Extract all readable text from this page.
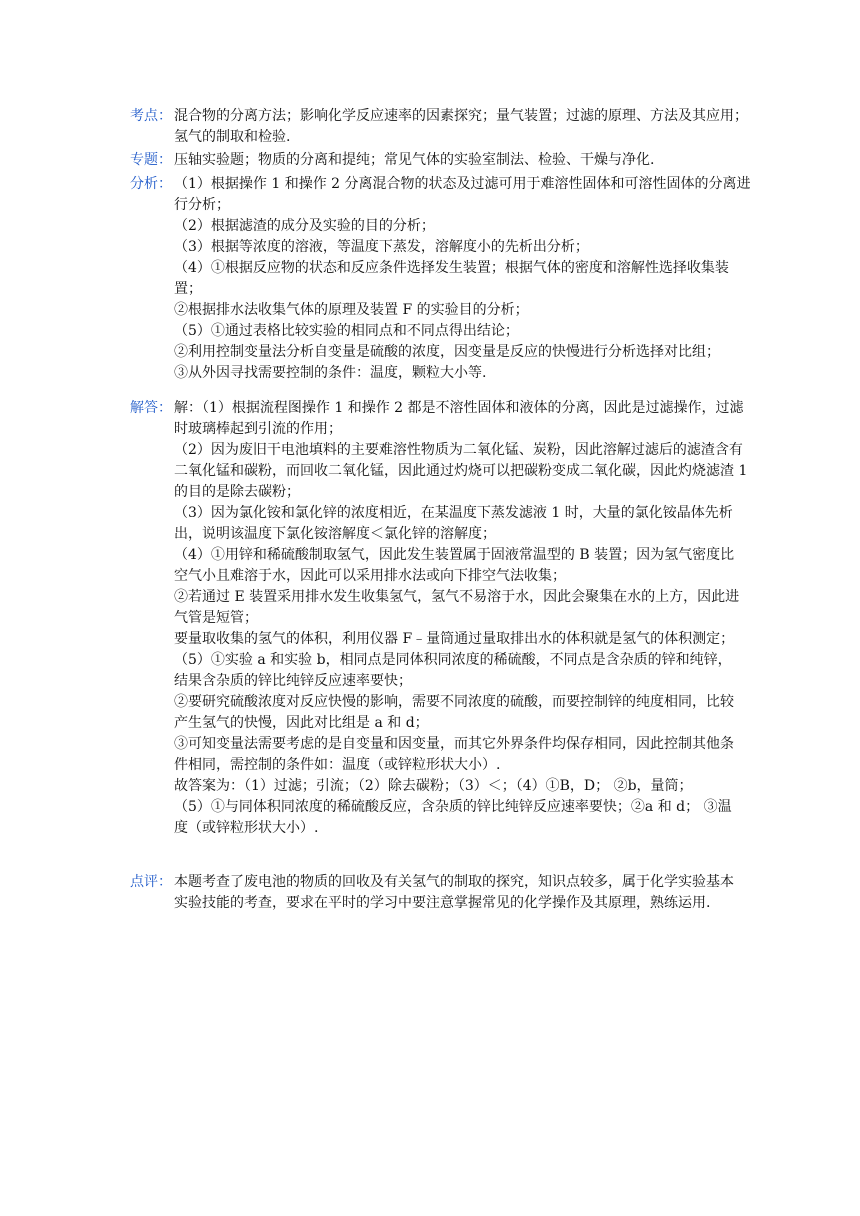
考点： 混合物的分离方法；影响化学反应速率的因素探究；量气装置；过滤的原理、方法及其应用；
氢气的制取和检验.
专题： 压轴实验题；物质的分离和提纯；常见气体的实验室制法、检验、干燥与净化.
分析： （1）根据操作 1 和操作 2 分离混合物的状态及过滤可用于难溶性固体和可溶性固体的分离进
行分析；
（2）根据滤渣的成分及实验的目的分析；
（3）根据等浓度的溶液，等温度下蒸发，溶解度小的先析出分析；
（4）①根据反应物的状态和反应条件选择发生装置；根据气体的密度和溶解性选择收集装
置；
②根据排水法收集气体的原理及装置 F 的实验目的分析；
（5）①通过表格比较实验的相同点和不同点得出结论；
②利用控制变量法分析自变量是硫酸的浓度，因变量是反应的快慢进行分析选择对比组；
③从外因寻找需要控制的条件：温度，颗粒大小等.
解答： 解：（1）根据流程图操作 1 和操作 2 都是不溶性固体和液体的分离，因此是过滤操作，过滤
时玻璃棒起到引流的作用；
（2）因为废旧干电池填料的主要难溶性物质为二氧化锰、炭粉，因此溶解过滤后的滤渣含有
二氧化锰和碳粉，而回收二氧化锰，因此通过灼烧可以把碳粉变成二氧化碳，因此灼烧滤渣 1
的目的是除去碳粉；
（3）因为氯化铵和氯化锌的浓度相近，在某温度下蒸发滤液 1 时，大量的氯化铵晶体先析
出，说明该温度下氯化铵溶解度＜氯化锌的溶解度；
（4）①用锌和稀硫酸制取氢气，因此发生装置属于固液常温型的 B 装置；因为氢气密度比
空气小且难溶于水，因此可以采用排水法或向下排空气法收集；
②若通过 E 装置采用排水发生收集氢气，氢气不易溶于水，因此会聚集在水的上方，因此进
气管是短管；
要量取收集的氢气的体积，利用仪器 F﹣量筒通过量取排出水的体积就是氢气的体积测定；
（5）①实验 a 和实验 b，相同点是同体积同浓度的稀硫酸，不同点是含杂质的锌和纯锌，
结果含杂质的锌比纯锌反应速率要快；
②要研究硫酸浓度对反应快慢的影响，需要不同浓度的硫酸，而要控制锌的纯度相同，比较
产生氢气的快慢，因此对比组是 a 和 d；
③可知变量法需要考虑的是自变量和因变量，而其它外界条件均保存相同，因此控制其他条
件相同，需控制的条件如：温度（或锌粒形状大小）.
故答案为：（1）过滤；引流；（2）除去碳粉；（3）＜；（4）①B，D； ②b，量筒；
（5）①与同体积同浓度的稀硫酸反应，含杂质的锌比纯锌反应速率要快；②a 和 d； ③温
度（或锌粒形状大小）.
点评： 本题考查了废电池的物质的回收及有关氢气的制取的探究，知识点较多，属于化学实验基本
实验技能的考查，要求在平时的学习中要注意掌握常见的化学操作及其原理，熟练运用.
